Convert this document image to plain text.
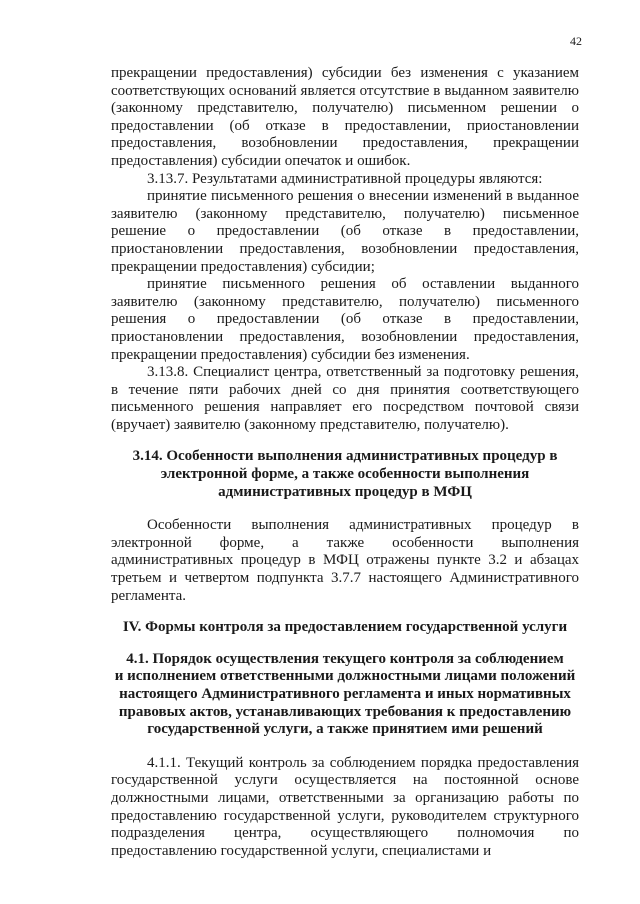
42

прекращении предоставления) субсидии без изменения с указанием соответствующих оснований является отсутствие в выданном заявителю (законному представителю, получателю) письменном решении о предоставлении (об отказе в предоставлении, приостановлении предоставления, возобновлении предоставления, прекращении предоставления) субсидии опечаток и ошибок.

3.13.7. Результатами административной процедуры являются:

принятие письменного решения о внесении изменений в выданное заявителю (законному представителю, получателю) письменное решение о предоставлении (об отказе в предоставлении, приостановлении предоставления, возобновлении предоставления, прекращении предоставления) субсидии;

принятие письменного решения об оставлении выданного заявителю (законному представителю, получателю) письменного решения о предоставлении (об отказе в предоставлении, приостановлении предоставления, возобновлении предоставления, прекращении предоставления) субсидии без изменения.

3.13.8. Специалист центра, ответственный за подготовку решения, в течение пяти рабочих дней со дня принятия соответствующего письменного решения направляет его посредством почтовой связи (вручает) заявителю (законному представителю, получателю).

3.14. Особенности выполнения административных процедур в

электронной форме, а также особенности выполнения

административных процедур в МФЦ

Особенности выполнения административных процедур в электронной форме, а также особенности выполнения административных процедур в МФЦ отражены пункте 3.2 и абзацах третьем и четвертом подпункта 3.7.7 настоящего Административного регламента.

IV. Формы контроля за предоставлением государственной услуги

4.1. Порядок осуществления текущего контроля за соблюдением

и исполнением ответственными должностными лицами положений

настоящего Административного регламента и иных нормативных

правовых актов, устанавливающих требования к предоставлению

государственной услуги, а также принятием ими решений

4.1.1. Текущий контроль за соблюдением порядка предоставления государственной услуги осуществляется на постоянной основе должностными лицами, ответственными за организацию работы по предоставлению государственной услуги, руководителем структурного подразделения центра, осуществляющего полномочия по предоставлению государственной услуги, специалистами и
